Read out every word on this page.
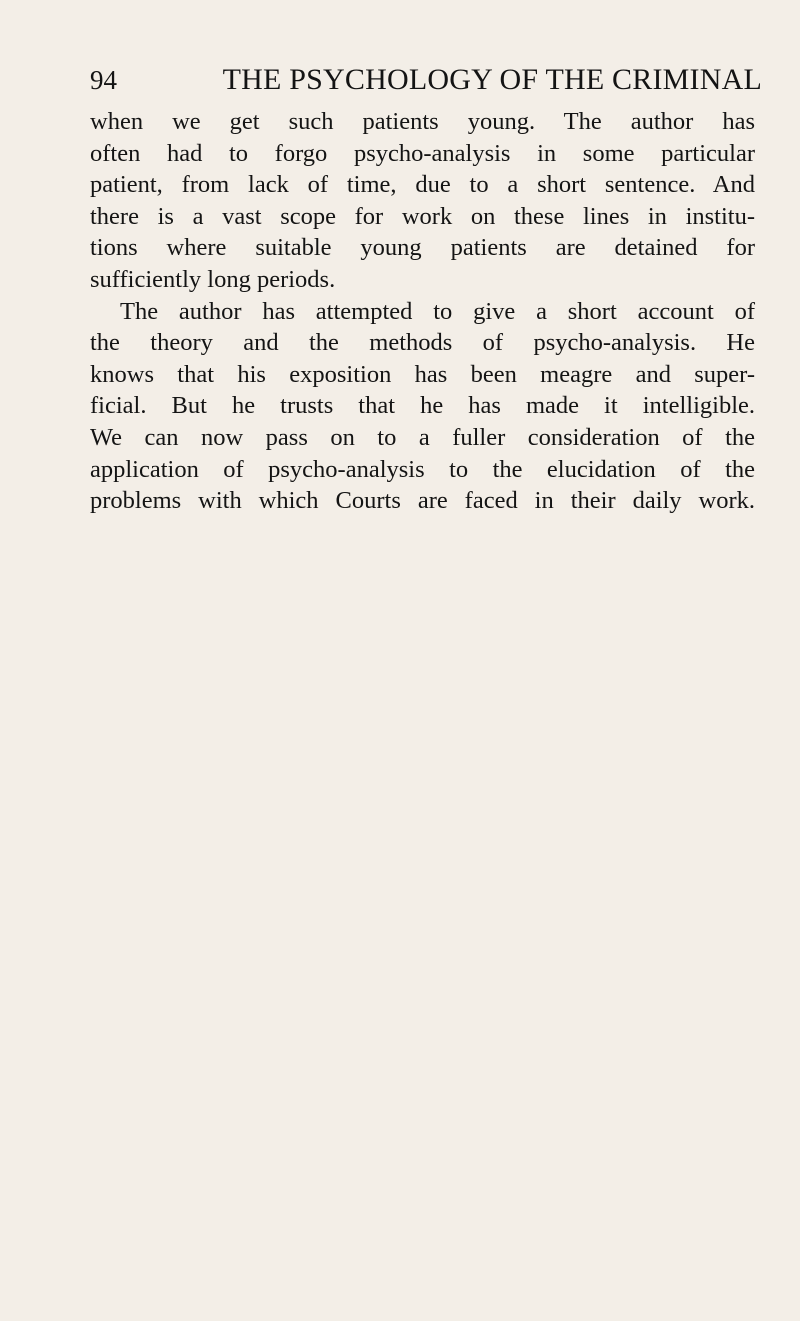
94	THE PSYCHOLOGY OF THE CRIMINAL
when we get such patients young. The author has
often had to forgo psycho-analysis in some particular
patient, from lack of time, due to a short sentence. And
there is a vast scope for work on these lines in institu-
tions where suitable young patients are detained for
sufficiently long periods.
The author has attempted to give a short account of
the theory and the methods of psycho-analysis. He
knows that his exposition has been meagre and super-
ficial. But he trusts that he has made it intelligible.
We can now pass on to a fuller consideration of the
application of psycho-analysis to the elucidation of the
problems with which Courts are faced in their daily work.
